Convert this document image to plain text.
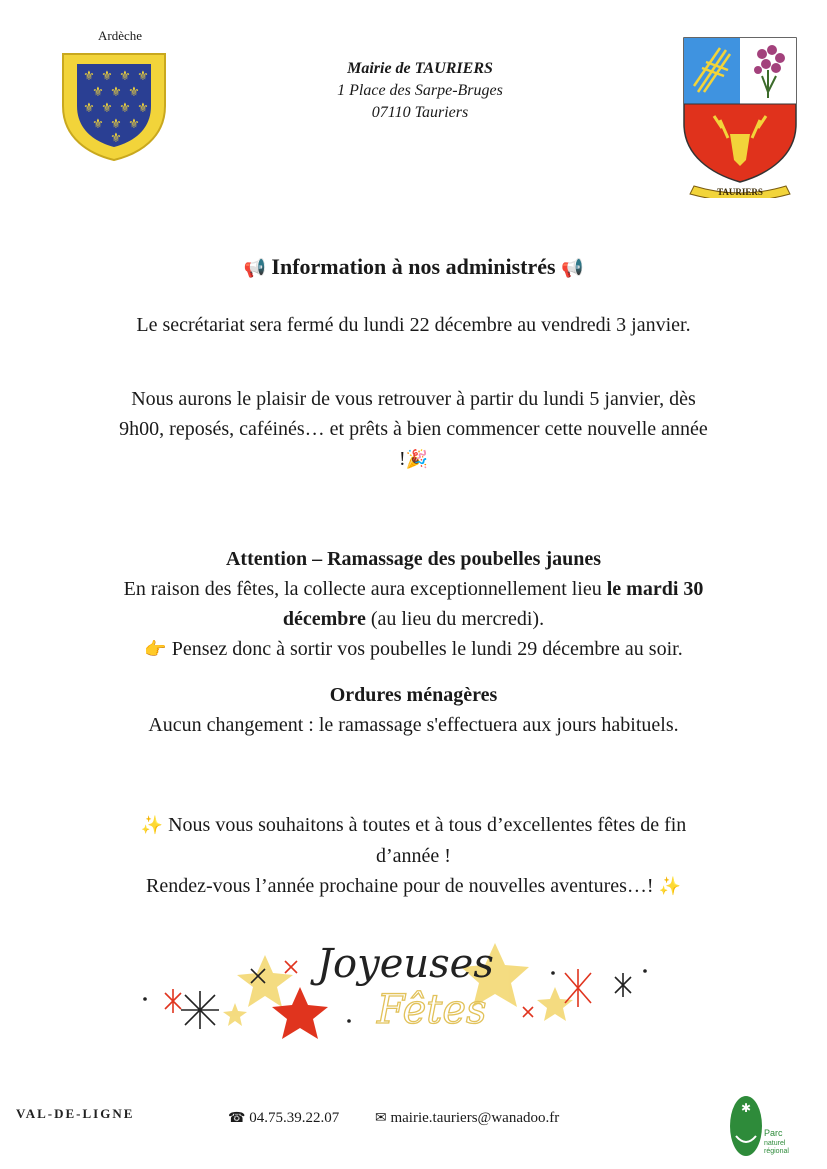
Ardèche
⚜ ⚜ ⚜ ⚜
⚜ ⚜ ⚜
⚜ ⚜ ⚜ ⚜
⚜ ⚜ ⚜
⚜
Mairie de TAURIERS
1 Place des Sarpe-Bruges
07110 Tauriers
TAURIERS
📢 Information à nos administrés 📢
Le secrétariat sera fermé du lundi 22 décembre au vendredi 3 janvier.
Nous aurons le plaisir de vous retrouver à partir du lundi 5 janvier, dès
9h00, reposés, caféinés… et prêts à bien commencer cette nouvelle année
!🎉
Attention – Ramassage des poubelles jaunes
En raison des fêtes, la collecte aura exceptionnellement lieu le mardi 30
décembre (au lieu du mercredi).
👉 Pensez donc à sortir vos poubelles le lundi 29 décembre au soir.
Ordures ménagères
Aucun changement : le ramassage s'effectuera aux jours habituels.
✨ Nous vous souhaitons à toutes et à tous d’excellentes fêtes de fin
d’année !
Rendez-vous l’année prochaine pour de nouvelles aventures…! ✨
Joyeuses
Fêtes
VAL-DE-LIGNE	☎ 04.75.39.22.07	✉ mairie.tauriers@wanadoo.fr
✱
Parc
naturel
régional
